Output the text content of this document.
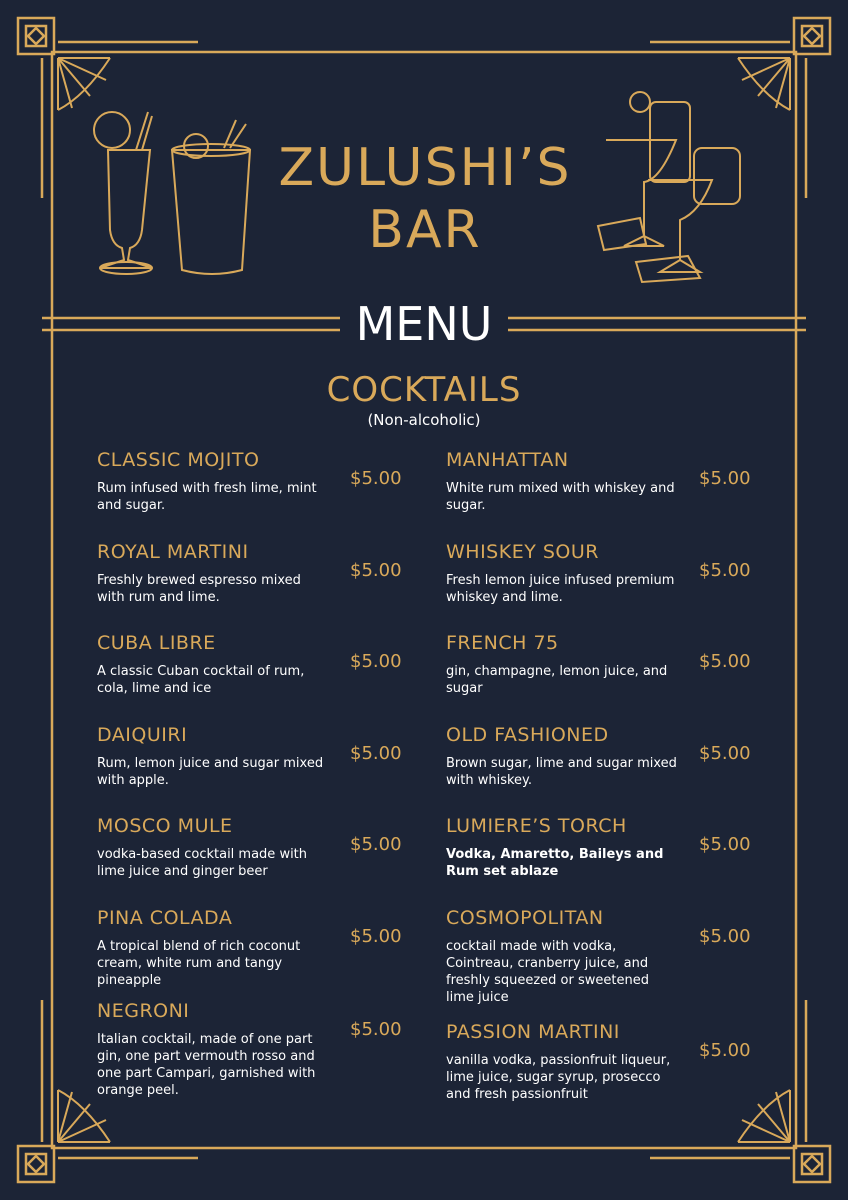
ZULUSHI’S
BAR
MENU
COCKTAILS
(Non-alcoholic)
CLASSIC MOJITO
Rum infused with fresh lime, mint and sugar.
$5.00
ROYAL MARTINI
Freshly brewed espresso mixed with rum and lime.
$5.00
CUBA LIBRE
A classic Cuban cocktail of rum, cola, lime and ice
$5.00
DAIQUIRI
Rum, lemon juice and sugar mixed with apple.
$5.00
MOSCO MULE
vodka-based cocktail made with lime juice and ginger beer
$5.00
PINA COLADA
A tropical blend of rich coconut cream, white rum and tangy pineapple
$5.00
NEGRONI
Italian cocktail, made of one part gin, one part vermouth rosso and one part Campari, garnished with orange peel.
$5.00
MANHATTAN
White rum mixed with whiskey and sugar.
$5.00
WHISKEY SOUR
Fresh lemon juice infused premium whiskey and lime.
$5.00
FRENCH 75
gin, champagne, lemon juice, and sugar
$5.00
OLD FASHIONED
Brown sugar, lime and sugar mixed with whiskey.
$5.00
LUMIERE’S TORCH
Vodka, Amaretto, Baileys and Rum set ablaze
$5.00
COSMOPOLITAN
cocktail made with vodka, Cointreau, cranberry juice, and freshly squeezed or sweetened lime juice
$5.00
PASSION MARTINI
vanilla vodka, passionfruit liqueur, lime juice, sugar syrup, prosecco and fresh passionfruit
$5.00
